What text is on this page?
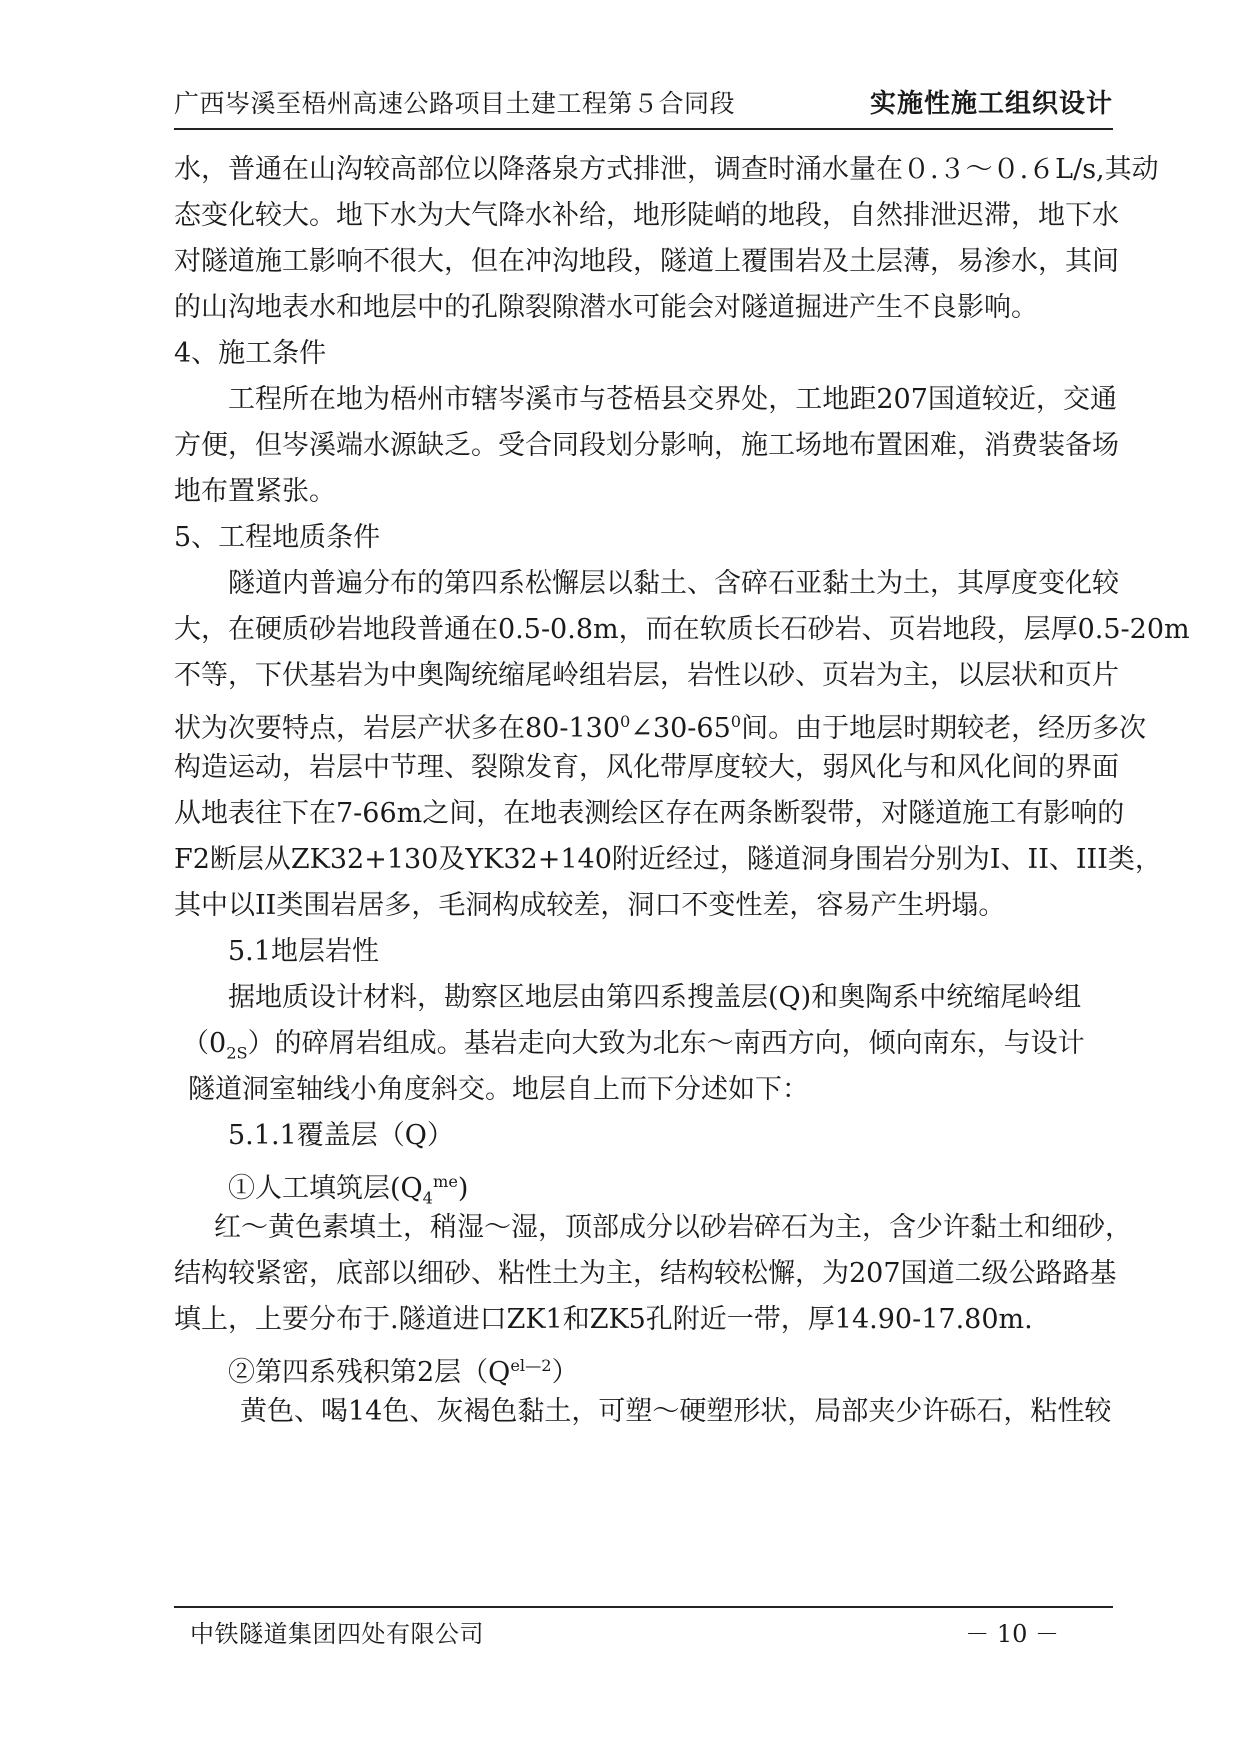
广西岑溪至梧州高速公路项目土建工程第５合同段	实施性施工组织设计
水，普通在山沟较高部位以降落泉方式排泄，调查时涌水量在０.３～０.６L/s,其动
态变化较大。地下水为大气降水补给，地形陡峭的地段，自然排泄迟滞，地下水
对隧道施工影响不很大，但在冲沟地段，隧道上覆围岩及土层薄，易渗水，其间
的山沟地表水和地层中的孔隙裂隙潜水可能会对隧道掘进产生不良影响。
4、施工条件
工程所在地为梧州市辖岑溪市与苍梧县交界处，工地距207国道较近，交通
方便，但岑溪端水源缺乏。受合同段划分影响，施工场地布置困难，消费装备场
地布置紧张。
5、工程地质条件
隧道内普遍分布的第四系松懈层以黏土、含碎石亚黏土为土，其厚度变化较
大，在硬质砂岩地段普通在0.5-0.8m，而在软质长石砂岩、页岩地段，层厚0.5-20m
不等，下伏基岩为中奥陶统缩尾岭组岩层，岩性以砂、页岩为主，以层状和页片
状为次要特点，岩层产状多在$80-130^0\angle 30-65^0$间。由于地层时期较老，经历多次
构造运动，岩层中节理、裂隙发育，风化带厚度较大，弱风化与和风化间的界面
从地表往下在7-66m之间，在地表测绘区存在两条断裂带，对隧道施工有影响的
F2断层从ZK32+130及YK32+140附近经过，隧道洞身围岩分别为Ⅰ、II、III类，
其中以II类围岩居多，毛洞构成较差，洞口不变性差，容易产生坍塌。
5.1地层岩性
据地质设计材料，勘察区地层由第四系搜盖层(Q)和奥陶系中统缩尾岭组
$(0_{2S})$的碎屑岩组成。基岩走向大致为北东～南西方向，倾向南东，与设计
隧道洞室轴线小角度斜交。地层自上而下分述如下：
5.1.1覆盖层（Q）
①人工填筑层$(Q_4^{me})$
红～黄色素填土，稍湿～湿，顶部成分以砂岩碎石为主，含少许黏土和细砂，
结构较紧密，底部以细砂、粘性土为主，结构较松懈，为207国道二级公路路基
填上，上要分布于.隧道进口ZK1和ZK5孔附近一带，厚14.90-17.80m.
②第四系残积第2层$(Q^{el—2})$
黄色、喝14色、灰褐色黏土，可塑～硬塑形状，局部夹少许砾石，粘性较
中铁隧道集团四处有限公司	－ 10 －
